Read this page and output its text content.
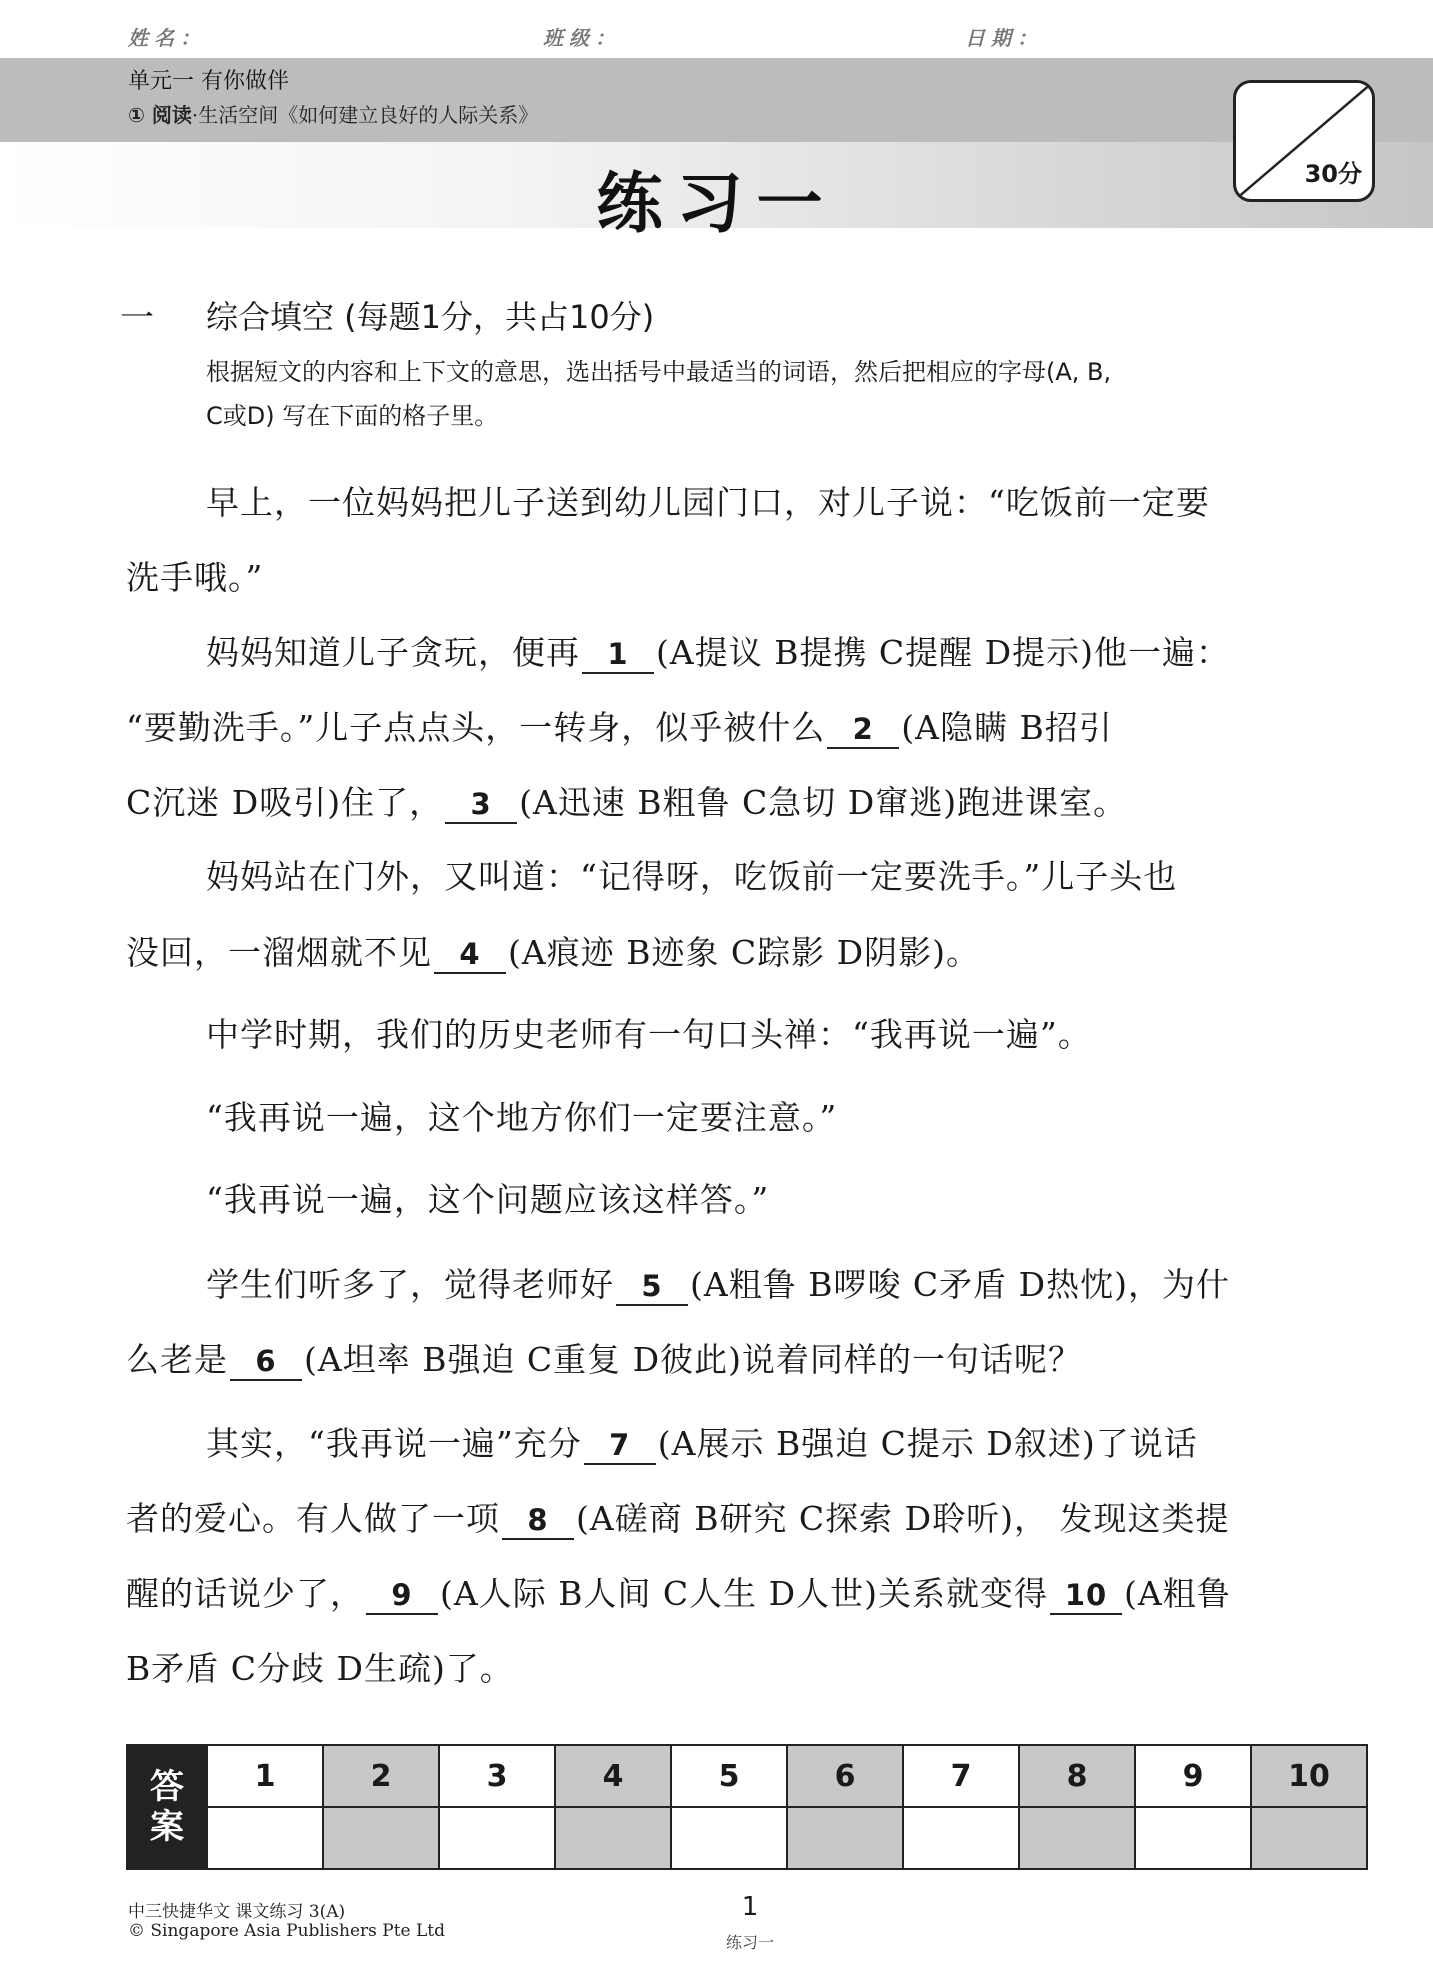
姓名：	班级：	日期：
单元一 有你做伴
① 阅读·生活空间《如何建立良好的人际关系》
练习一	30分
一 综合填空 (每题1分，共占10分)
根据短文的内容和上下文的意思，选出括号中最适当的词语，然后把相应的字母(A, B,
C或D) 写在下面的格子里。
早上，一位妈妈把儿子送到幼儿园门口，对儿子说：“吃饭前一定要
洗手哦。”
妈妈知道儿子贪玩，便再 1 (A提议 B提携 C提醒 D提示)他一遍：
“要勤洗手。”儿子点点头，一转身，似乎被什么 2 (A隐瞒 B招引
C沉迷 D吸引)住了， 3 (A迅速 B粗鲁 C急切 D窜逃)跑进课室。
妈妈站在门外，又叫道：“记得呀，吃饭前一定要洗手。”儿子头也
没回，一溜烟就不见 4 (A痕迹 B迹象 C踪影 D阴影)。
中学时期，我们的历史老师有一句口头禅：“我再说一遍”。
“我再说一遍，这个地方你们一定要注意。”
“我再说一遍，这个问题应该这样答。”
学生们听多了，觉得老师好 5 (A粗鲁 B啰唆 C矛盾 D热忱)，为什
么老是 6 (A坦率 B强迫 C重复 D彼此)说着同样的一句话呢？
其实，“我再说一遍”充分 7 (A展示 B强迫 C提示 D叙述)了说话
者的爱心。有人做了一项 8 (A磋商 B研究 C探索 D聆听)， 发现这类提
醒的话说少了， 9 (A人际 B人间 C人生 D人世)关系就变得 10 (A粗鲁
B矛盾 C分歧 D生疏)了。
答
案	1	2	3	4	5	6	7	8	9	10

中三快捷华文 课文练习 3(A)
© Singapore Asia Publishers Pte Ltd
1
练习一
